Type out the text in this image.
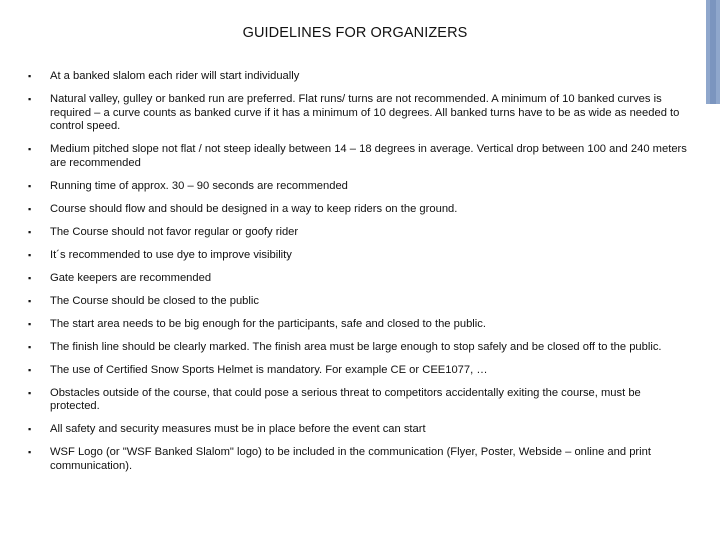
GUIDELINES FOR ORGANIZERS
▪ At a banked slalom each rider will start individually
▪ Natural valley, gulley or banked run are preferred. Flat runs/ turns are not recommended. A minimum of 10 banked curves is required – a curve counts as banked curve if it has a minimum of 10 degrees. All banked turns have to be as wide as needed to control speed.
▪ Medium pitched slope not flat / not steep ideally between 14 – 18 degrees in average. Vertical drop between 100 and 240 meters are recommended
▪ Running time of approx. 30 – 90 seconds are recommended
▪ Course should flow and should be designed in a way to keep riders on the ground.
▪ The Course should not favor regular or goofy rider
▪ It´s recommended to use dye to improve visibility
▪ Gate keepers are recommended
▪ The Course should be closed to the public
▪ The start area needs to be big enough for the participants, safe and closed to the public.
▪ The finish line should be clearly marked. The finish area must be large enough to stop safely and be closed off to the public.
▪ The use of Certified Snow Sports Helmet is mandatory. For example CE or CEE1077, …
▪ Obstacles outside of the course, that could pose a serious threat to competitors accidentally exiting the course, must be protected.
▪ All safety and security measures must be in place before the event can start
▪ WSF Logo (or "WSF Banked Slalom" logo) to be included in the communication (Flyer, Poster, Webside – online and print communication).
